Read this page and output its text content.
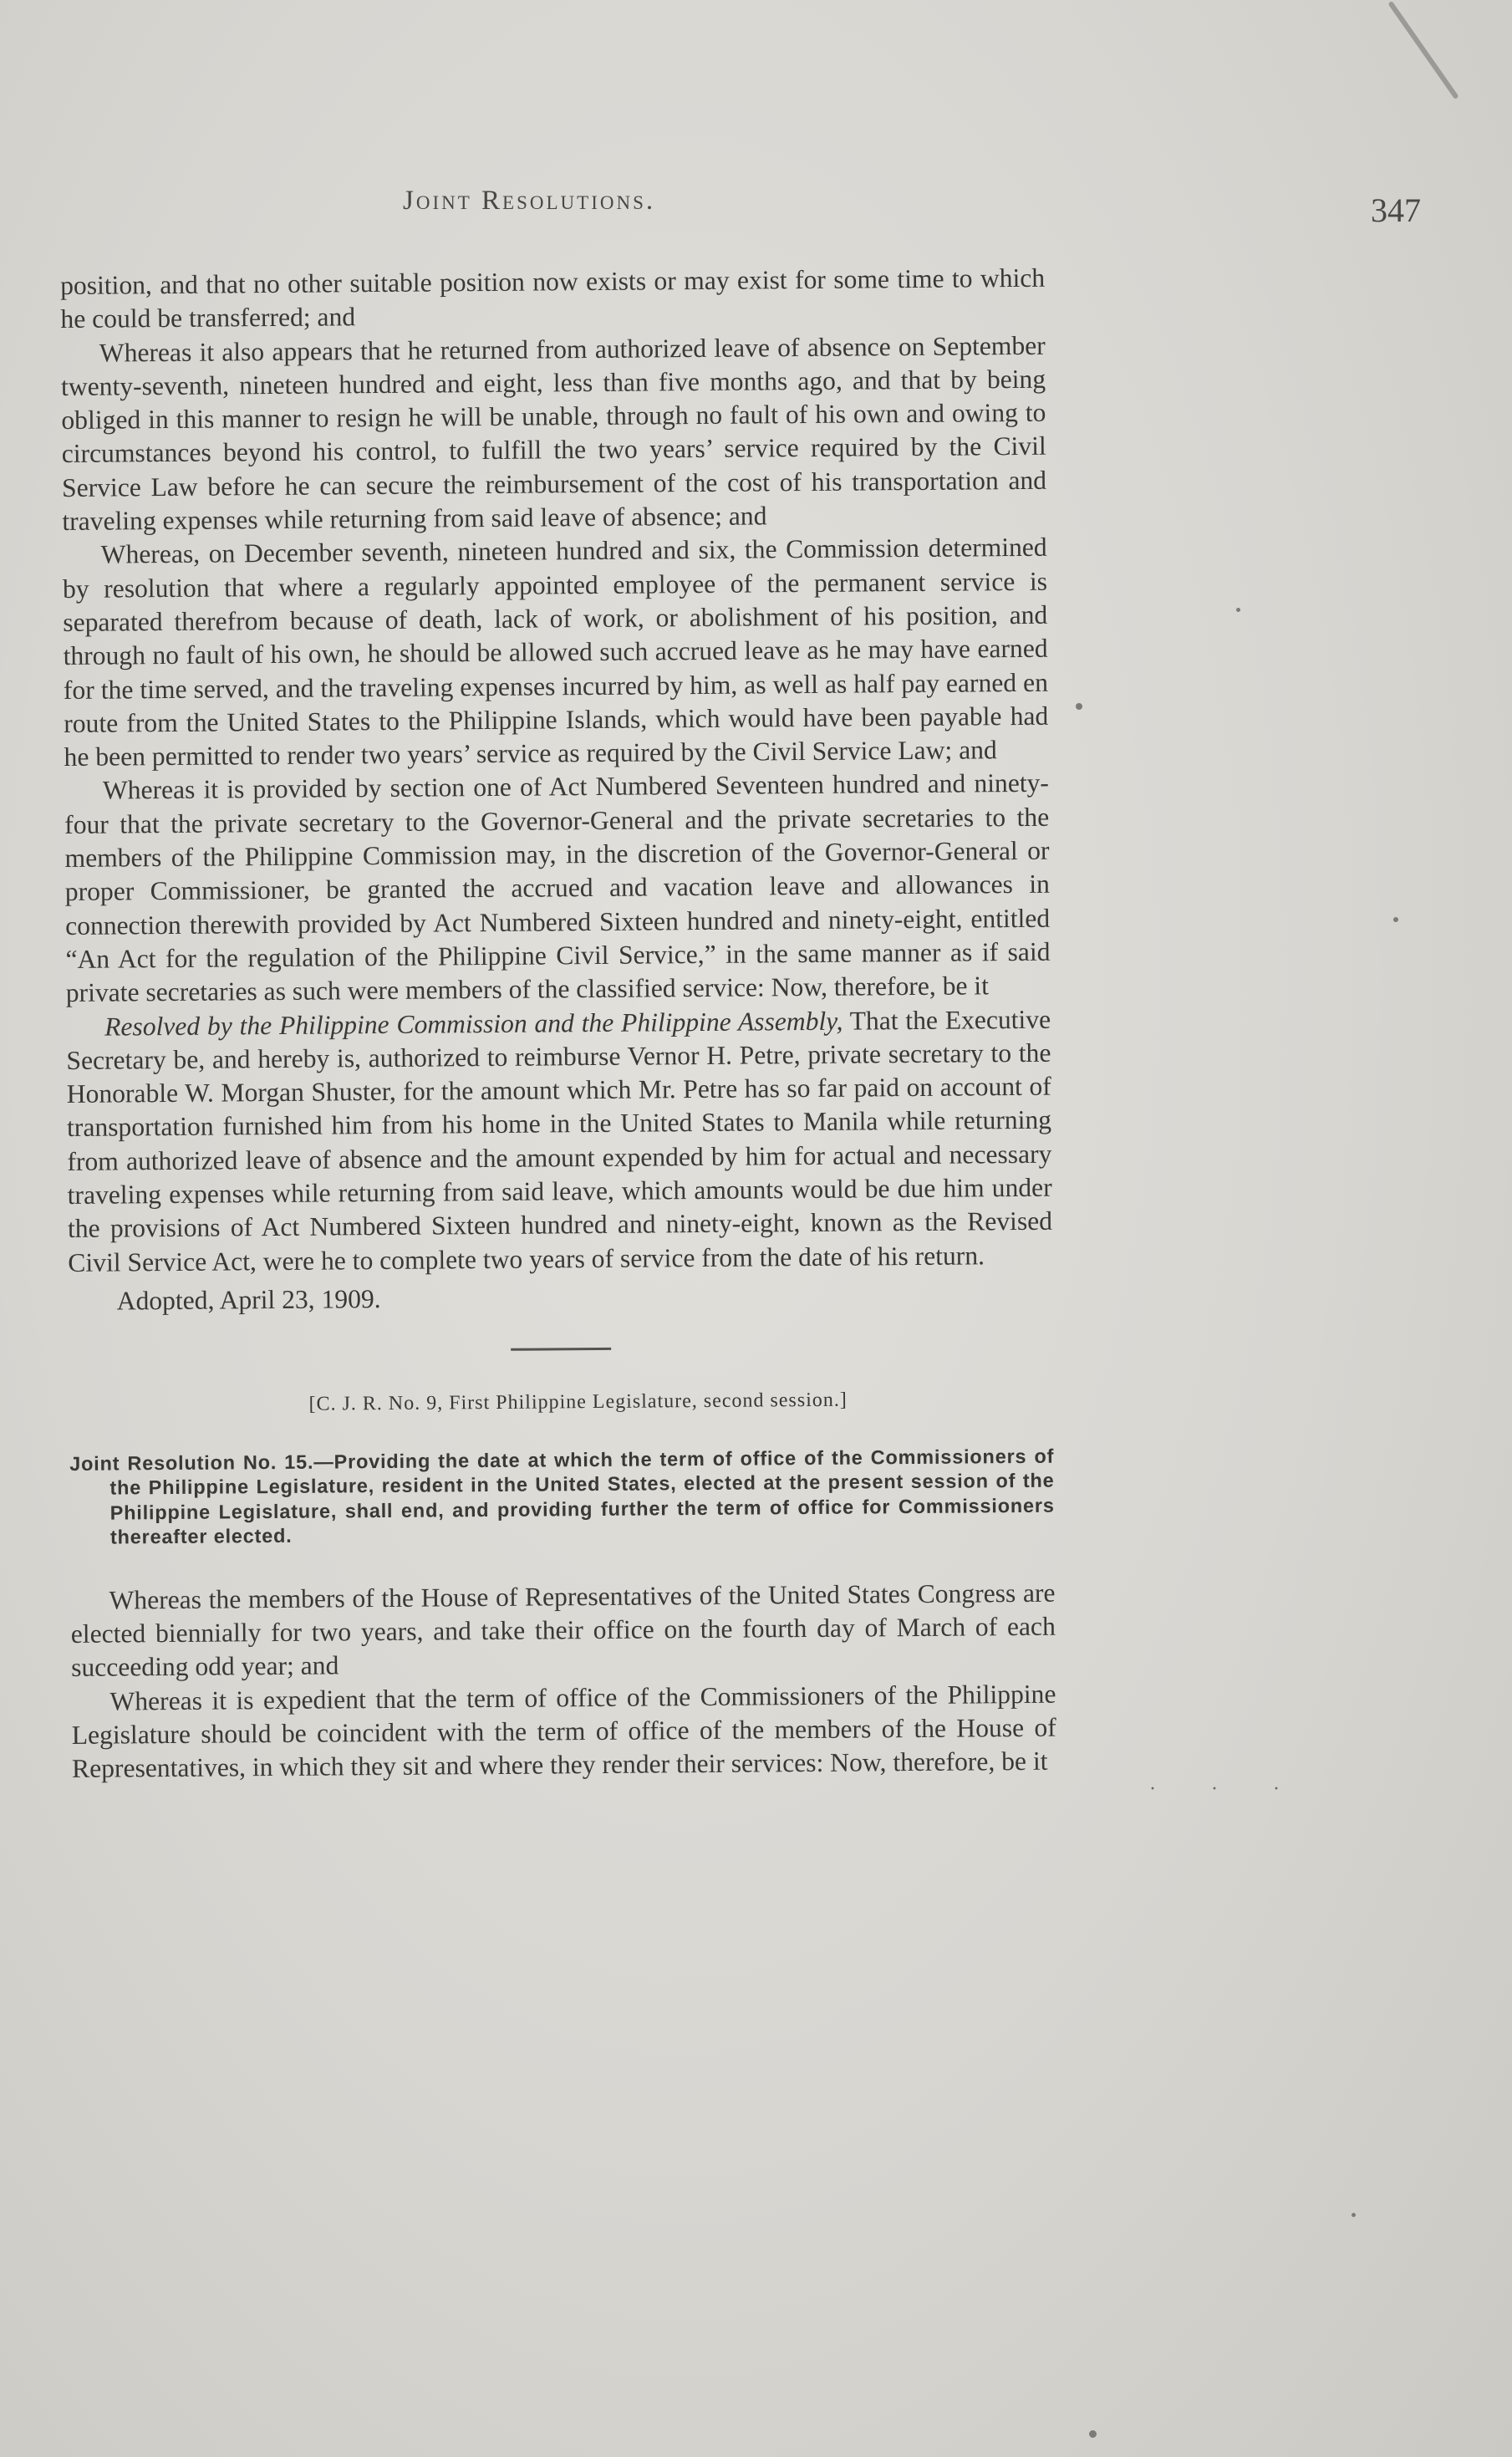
· · ·
Joint Resolutions.	347

position, and that no other suitable position now exists or may exist for some time to which he could be transferred; and

Whereas it also appears that he returned from authorized leave of absence on September twenty-seventh, nineteen hundred and eight, less than five months ago, and that by being obliged in this manner to resign he will be unable, through no fault of his own and owing to circumstances beyond his control, to fulfill the two years’ service required by the Civil Service Law before he can secure the reimbursement of the cost of his transportation and traveling expenses while returning from said leave of absence; and

Whereas, on December seventh, nineteen hundred and six, the Commission determined by resolution that where a regularly appointed employee of the permanent service is separated therefrom because of death, lack of work, or abolishment of his position, and through no fault of his own, he should be allowed such accrued leave as he may have earned for the time served, and the traveling expenses incurred by him, as well as half pay earned en route from the United States to the Philippine Islands, which would have been payable had he been permitted to render two years’ service as required by the Civil Service Law; and

Whereas it is provided by section one of Act Numbered Seventeen hundred and ninety-four that the private secretary to the Governor-General and the private secretaries to the members of the Philippine Commission may, in the discretion of the Governor-General or proper Commissioner, be granted the accrued and vacation leave and allowances in connection therewith provided by Act Numbered Sixteen hundred and ninety-eight, entitled “An Act for the regulation of the Philippine Civil Service,” in the same manner as if said private secretaries as such were members of the classified service: Now, therefore, be it

Resolved by the Philippine Commission and the Philippine Assembly, That the Executive Secretary be, and hereby is, authorized to reimburse Vernor H. Petre, private secretary to the Honorable W. Morgan Shuster, for the amount which Mr. Petre has so far paid on account of transportation furnished him from his home in the United States to Manila while returning from authorized leave of absence and the amount expended by him for actual and necessary traveling expenses while returning from said leave, which amounts would be due him under the provisions of Act Numbered Sixteen hundred and ninety-eight, known as the Revised Civil Service Act, were he to complete two years of service from the date of his return.

Adopted, April 23, 1909.

[C. J. R. No. 9, First Philippine Legislature, second session.]
Joint Resolution No. 15.—Providing the date at which the term of office of the Commissioners of the Philippine Legislature, resident in the United States, elected at the present session of the Philippine Legislature, shall end, and providing further the term of office for Commissioners thereafter elected.

Whereas the members of the House of Representatives of the United States Congress are elected biennially for two years, and take their office on the fourth day of March of each succeeding odd year; and

Whereas it is expedient that the term of office of the Commissioners of the Philippine Legislature should be coincident with the term of office of the members of the House of Representatives, in which they sit and where they render their services: Now, therefore, be it
